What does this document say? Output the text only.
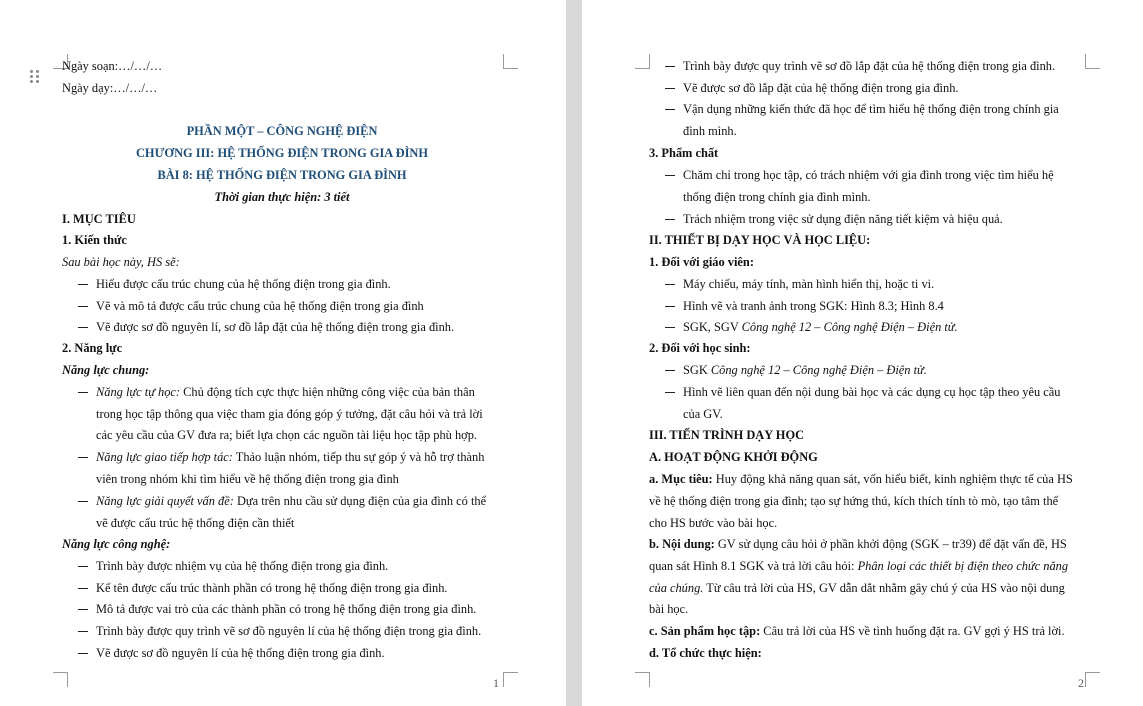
Ngày soạn:…/…/…
Ngày dạy:…/…/…
PHẦN MỘT – CÔNG NGHỆ ĐIỆN
CHƯƠNG III: HỆ THỐNG ĐIỆN TRONG GIA ĐÌNH
BÀI 8: HỆ THỐNG ĐIỆN TRONG GIA ĐÌNH
Thời gian thực hiện: 3 tiết
I. MỤC TIÊU
1. Kiến thức
Sau bài học này, HS sẽ:
Hiểu được cấu trúc chung của hệ thống điện trong gia đình.
Vẽ và mô tả được cấu trúc chung của hệ thống điện trong gia đình
Vẽ được sơ đồ nguyên lí, sơ đồ lắp đặt của hệ thống điện trong gia đình.
2. Năng lực
Năng lực chung:
Năng lực tự học: Chủ động tích cực thực hiện những công việc của bản thân
trong học tập thông qua việc tham gia đóng góp ý tưởng, đặt câu hỏi và trả lời
các yêu cầu của GV đưa ra; biết lựa chọn các nguồn tài liệu học tập phù hợp.
Năng lực giao tiếp hợp tác: Thảo luận nhóm, tiếp thu sự góp ý và hỗ trợ thành
viên trong nhóm khi tìm hiểu về hệ thống điện trong gia đình
Năng lực giải quyết vấn đề: Dựa trên nhu cầu sử dụng điện của gia đình có thể
vẽ được cấu trúc hệ thống điện cần thiết
Năng lực công nghệ:
Trình bày được nhiệm vụ của hệ thống điện trong gia đình.
Kể tên được cấu trúc thành phần có trong hệ thống điện trong gia đình.
Mô tả được vai trò của các thành phần có trong hệ thống điện trong gia đình.
Trình bày được quy trình vẽ sơ đồ nguyên lí của hệ thống điện trong gia đình.
Vẽ được sơ đồ nguyên lí của hệ thống điện trong gia đình.
1
Trình bày được quy trình vẽ sơ đồ lắp đặt của hệ thống điện trong gia đình.
Vẽ được sơ đồ lắp đặt của hệ thống điện trong gia đình.
Vận dụng những kiến thức đã học để tìm hiểu hệ thống điện trong chính gia
đình mình.
3. Phẩm chất
Chăm chỉ trong học tập, có trách nhiệm với gia đình trong việc tìm hiểu hệ
thống điện trong chính gia đình mình.
Trách nhiệm trong việc sử dụng điện năng tiết kiệm và hiệu quả.
II. THIẾT BỊ DẠY HỌC VÀ HỌC LIỆU:
1. Đối với giáo viên:
Máy chiếu, máy tính, màn hình hiển thị, hoặc ti vi.
Hình vẽ và tranh ảnh trong SGK: Hình 8.3; Hình 8.4
SGK, SGV Công nghệ 12 – Công nghệ Điện – Điện tử.
2. Đối với học sinh:
SGK Công nghệ 12 – Công nghệ Điện – Điện tử.
Hình vẽ liên quan đến nội dung bài học và các dụng cụ học tập theo yêu cầu
của GV.
III. TIẾN TRÌNH DẠY HỌC
A. HOẠT ĐỘNG KHỞI ĐỘNG
a. Mục tiêu: Huy động khả năng quan sát, vốn hiểu biết, kinh nghiệm thực tế của HS
về hệ thống điện trong gia đình; tạo sự hứng thú, kích thích tính tò mò, tạo tâm thế
cho HS bước vào bài học.
b. Nội dung: GV sử dụng câu hỏi ở phần khởi động (SGK – tr39) để đặt vấn đề, HS
quan sát Hình 8.1 SGK và trả lời câu hỏi: Phân loại các thiết bị điện theo chức năng
của chúng. Từ câu trả lời của HS, GV dẫn dắt nhằm gây chú ý của HS vào nội dung
bài học.
c. Sản phẩm học tập: Câu trả lời của HS về tình huống đặt ra. GV gợi ý HS trả lời.
d. Tổ chức thực hiện:
2
